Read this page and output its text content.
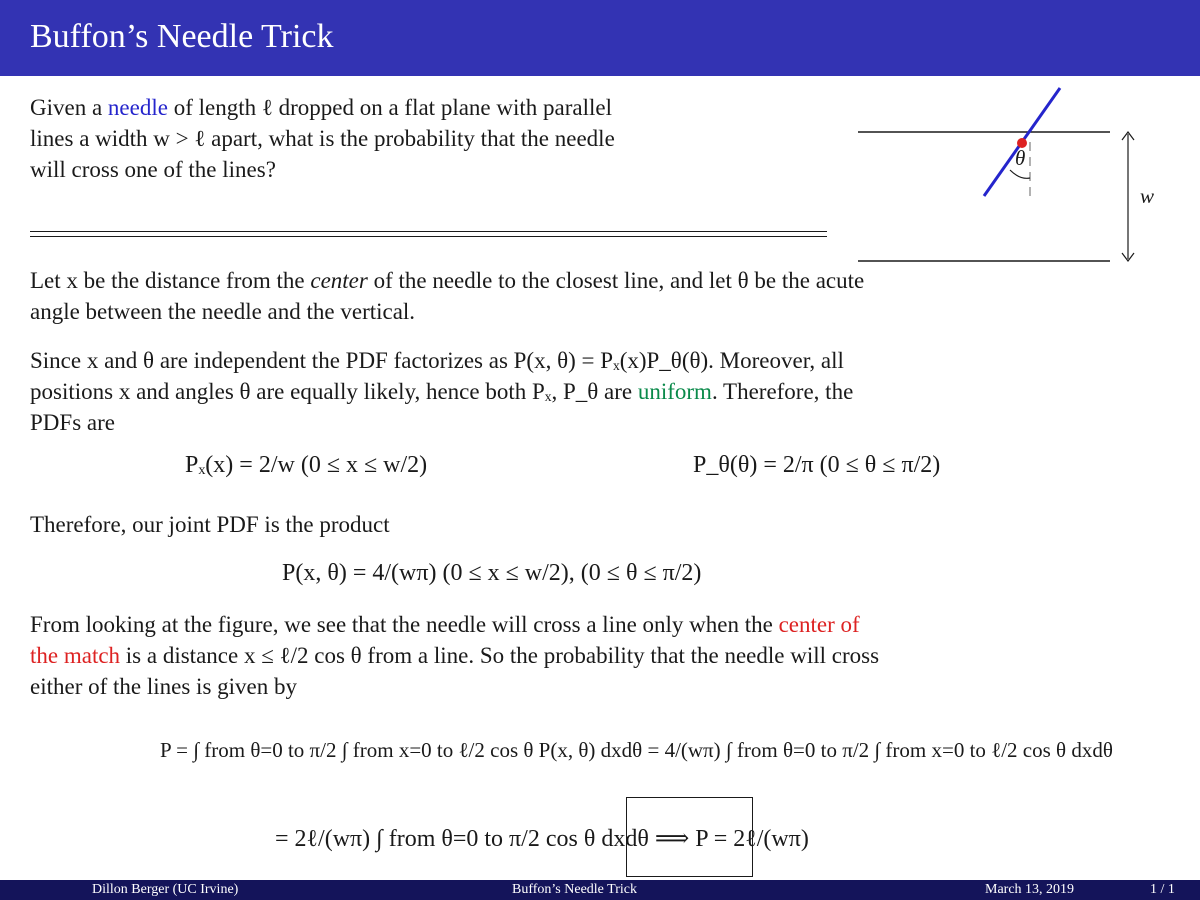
Buffon’s Needle Trick
Given a needle of length ℓ dropped on a flat plane with parallel
lines a width w > ℓ apart, what is the probability that the needle
will cross one of the lines?	θ
w
Let x be the distance from the center of the needle to the closest line, and let θ be the acute
angle between the needle and the vertical.
Since x and θ are independent the PDF factorizes as P(x, θ) = Pₓ(x)P_θ(θ). Moreover, all
positions x and angles θ are equally likely, hence both Pₓ, P_θ are uniform. Therefore, the
PDFs are
Pₓ(x) = 2/w (0 ≤ x ≤ w/2)	P_θ(θ) = 2/π (0 ≤ θ ≤ π/2)
Therefore, our joint PDF is the product
P(x, θ) = 4/(wπ) (0 ≤ x ≤ w/2), (0 ≤ θ ≤ π/2)
From looking at the figure, we see that the needle will cross a line only when the center of
the match is a distance x ≤ ℓ/2 cos θ from a line. So the probability that the needle will cross
either of the lines is given by
P = ∫ from θ=0 to π/2 ∫ from x=0 to ℓ/2 cos θ P(x, θ) dxdθ = 4/(wπ) ∫ from θ=0 to π/2 ∫ from x=0 to ℓ/2 cos θ dxdθ
= 2ℓ/(wπ) ∫ from θ=0 to π/2 cos θ dxdθ ⟹ P = 2ℓ/(wπ)
Dillon Berger (UC Irvine)	Buffon’s Needle Trick	March 13, 2019	1 / 1
